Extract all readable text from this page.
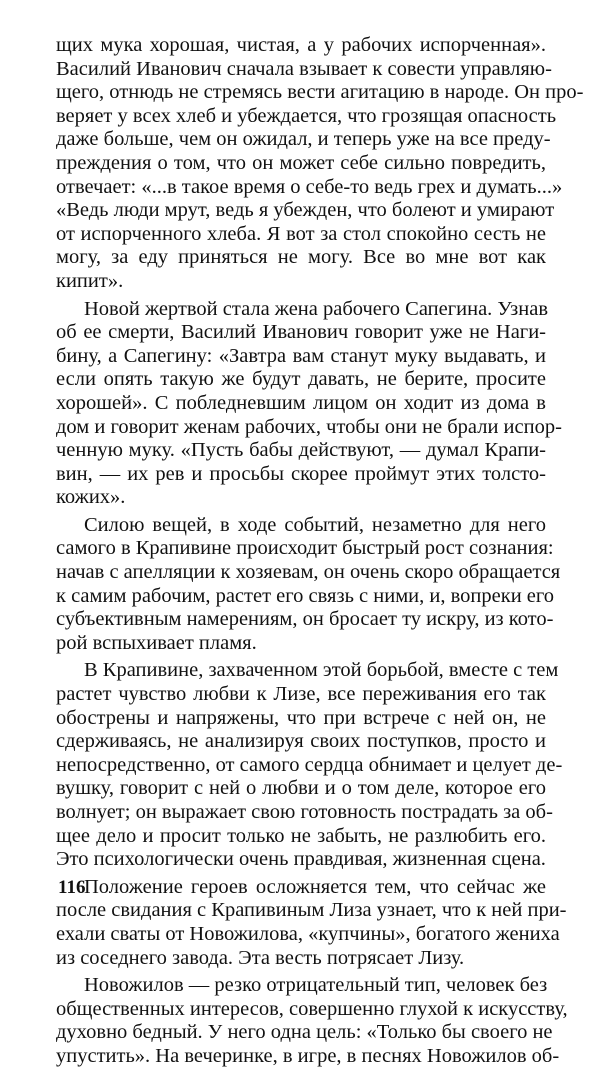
щих мука хорошая, чистая, а у рабочих испорченная».
Василий Иванович сначала взывает к совести управляю-
щего, отнюдь не стремясь вести агитацию в народе. Он про-
веряет у всех хлеб и убеждается, что грозящая опасность
даже больше, чем он ожидал, и теперь уже на все преду-
преждения о том, что он может себе сильно повредить,
отвечает: «...в такое время о себе-то ведь грех и думать...»
«Ведь люди мрут, ведь я убежден, что болеют и умирают
от испорченного хлеба. Я вот за стол спокойно сесть не
могу, за еду приняться не могу. Все во мне вот как
кипит».
Новой жертвой стала жена рабочего Сапегина. Узнав
об ее смерти, Василий Иванович говорит уже не Наги-
бину, а Сапегину: «Завтра вам станут муку выдавать, и
если опять такую же будут давать, не берите, просите
хорошей». С побледневшим лицом он ходит из дома в
дом и говорит женам рабочих, чтобы они не брали испор-
ченную муку. «Пусть бабы действуют, — думал Крапи-
вин, — их рев и просьбы скорее проймут этих толсто-
кожих».
Силою вещей, в ходе событий, незаметно для него
самого в Крапивине происходит быстрый рост сознания:
начав с апелляции к хозяевам, он очень скоро обращается
к самим рабочим, растет его связь с ними, и, вопреки его
субъективным намерениям, он бросает ту искру, из кото-
рой вспыхивает пламя.
В Крапивине, захваченном этой борьбой, вместе с тем
растет чувство любви к Лизе, все переживания его так
обострены и напряжены, что при встрече с ней он, не
сдерживаясь, не анализируя своих поступков, просто и
непосредственно, от самого сердца обнимает и целует де-
вушку, говорит с ней о любви и о том деле, которое его
волнует; он выражает свою готовность пострадать за об-
щее дело и просит только не забыть, не разлюбить его.
Это психологически очень правдивая, жизненная сцена.
Положение героев осложняется тем, что сейчас же
после свидания с Крапивиным Лиза узнает, что к ней при-
ехали сваты от Новожилова, «купчины», богатого жениха
из соседнего завода. Эта весть потрясает Лизу.
Новожилов — резко отрицательный тип, человек без
общественных интересов, совершенно глухой к искусству,
духовно бедный. У него одна цель: «Только бы своего не
упустить». На вечеринке, в игре, в песнях Новожилов об-
116
